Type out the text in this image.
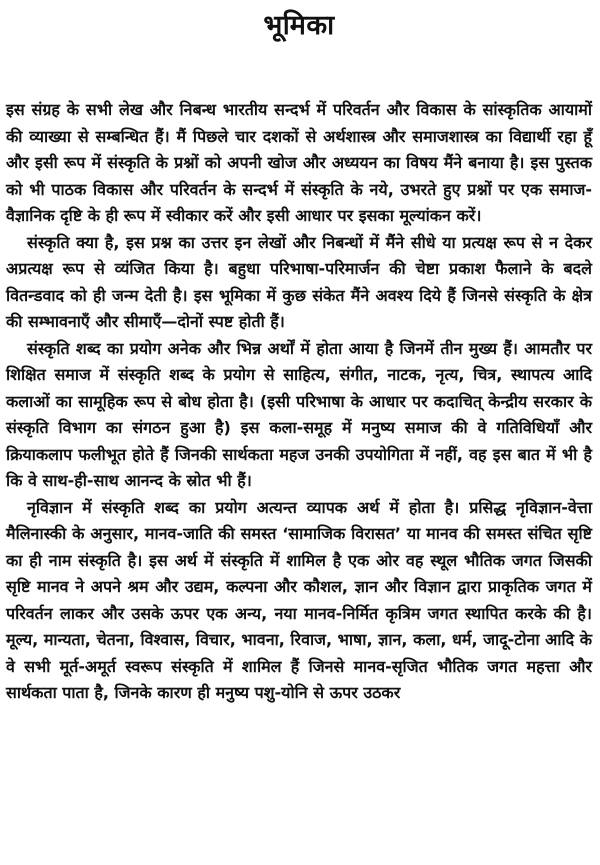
भूमिका

इस संग्रह के सभी लेख और निबन्ध भारतीय सन्दर्भ में परिवर्तन और विकास के सांस्कृतिक आयामों की व्याख्या से सम्बन्धित हैं। मैं पिछले चार दशकों से अर्थशास्त्र और समाजशास्त्र का विद्यार्थी रहा हूँ और इसी रूप में संस्कृति के प्रश्नों को अपनी खोज और अध्ययन का विषय मैंने बनाया है। इस पुस्तक को भी पाठक विकास और परिवर्तन के सन्दर्भ में संस्कृति के नये, उभरते हुए प्रश्नों पर एक समाज-वैज्ञानिक दृष्टि के ही रूप में स्वीकार करें और इसी आधार पर इसका मूल्यांकन करें।

संस्कृति क्या है, इस प्रश्न का उत्तर इन लेखों और निबन्धों में मैंने सीधे या प्रत्यक्ष रूप से न देकर अप्रत्यक्ष रूप से व्यंजित किया है। बहुधा परिभाषा-परिमार्जन की चेष्टा प्रकाश फैलाने के बदले वितन्डवाद को ही जन्म देती है। इस भूमिका में कुछ संकेत मैंने अवश्य दिये हैं जिनसे संस्कृति के क्षेत्र की सम्भावनाएँ और सीमाएँ—दोनों स्पष्ट होती हैं।

संस्कृति शब्द का प्रयोग अनेक और भिन्न अर्थों में होता आया है जिनमें तीन मुख्य हैं। आमतौर पर शिक्षित समाज में संस्कृति शब्द के प्रयोग से साहित्य, संगीत, नाटक, नृत्य, चित्र, स्थापत्य आदि कलाओं का सामूहिक रूप से बोध होता है। (इसी परिभाषा के आधार पर कदाचित् केन्द्रीय सरकार के संस्कृति विभाग का संगठन हुआ है) इस कला-समूह में मनुष्य समाज की वे गतिविधियाँ और क्रियाकलाप फलीभूत होते हैं जिनकी सार्थकता महज उनकी उपयोगिता में नहीं, वह इस बात में भी है कि वे साथ-ही-साथ आनन्द के स्रोत भी हैं।

नृविज्ञान में संस्कृति शब्द का प्रयोग अत्यन्त व्यापक अर्थ में होता है। प्रसिद्ध नृविज्ञान-वेत्ता मैलिनास्की के अनुसार, मानव-जाति की समस्त ‘सामाजिक विरासत’ या मानव की समस्त संचित सृष्टि का ही नाम संस्कृति है। इस अर्थ में संस्कृति में शामिल है एक ओर वह स्थूल भौतिक जगत जिसकी सृष्टि मानव ने अपने श्रम और उद्यम, कल्पना और कौशल, ज्ञान और विज्ञान द्वारा प्राकृतिक जगत में परिवर्तन लाकर और उसके ऊपर एक अन्य, नया मानव-निर्मित कृत्रिम जगत स्थापित करके की है। मूल्य, मान्यता, चेतना, विश्वास, विचार, भावना, रिवाज, भाषा, ज्ञान, कला, धर्म, जादू-टोना आदि के वे सभी मूर्त-अमूर्त स्वरूप संस्कृति में शामिल हैं जिनसे मानव-सृजित भौतिक जगत महत्ता और सार्थकता पाता है, जिनके कारण ही मनुष्य पशु-योनि से ऊपर उठकर
